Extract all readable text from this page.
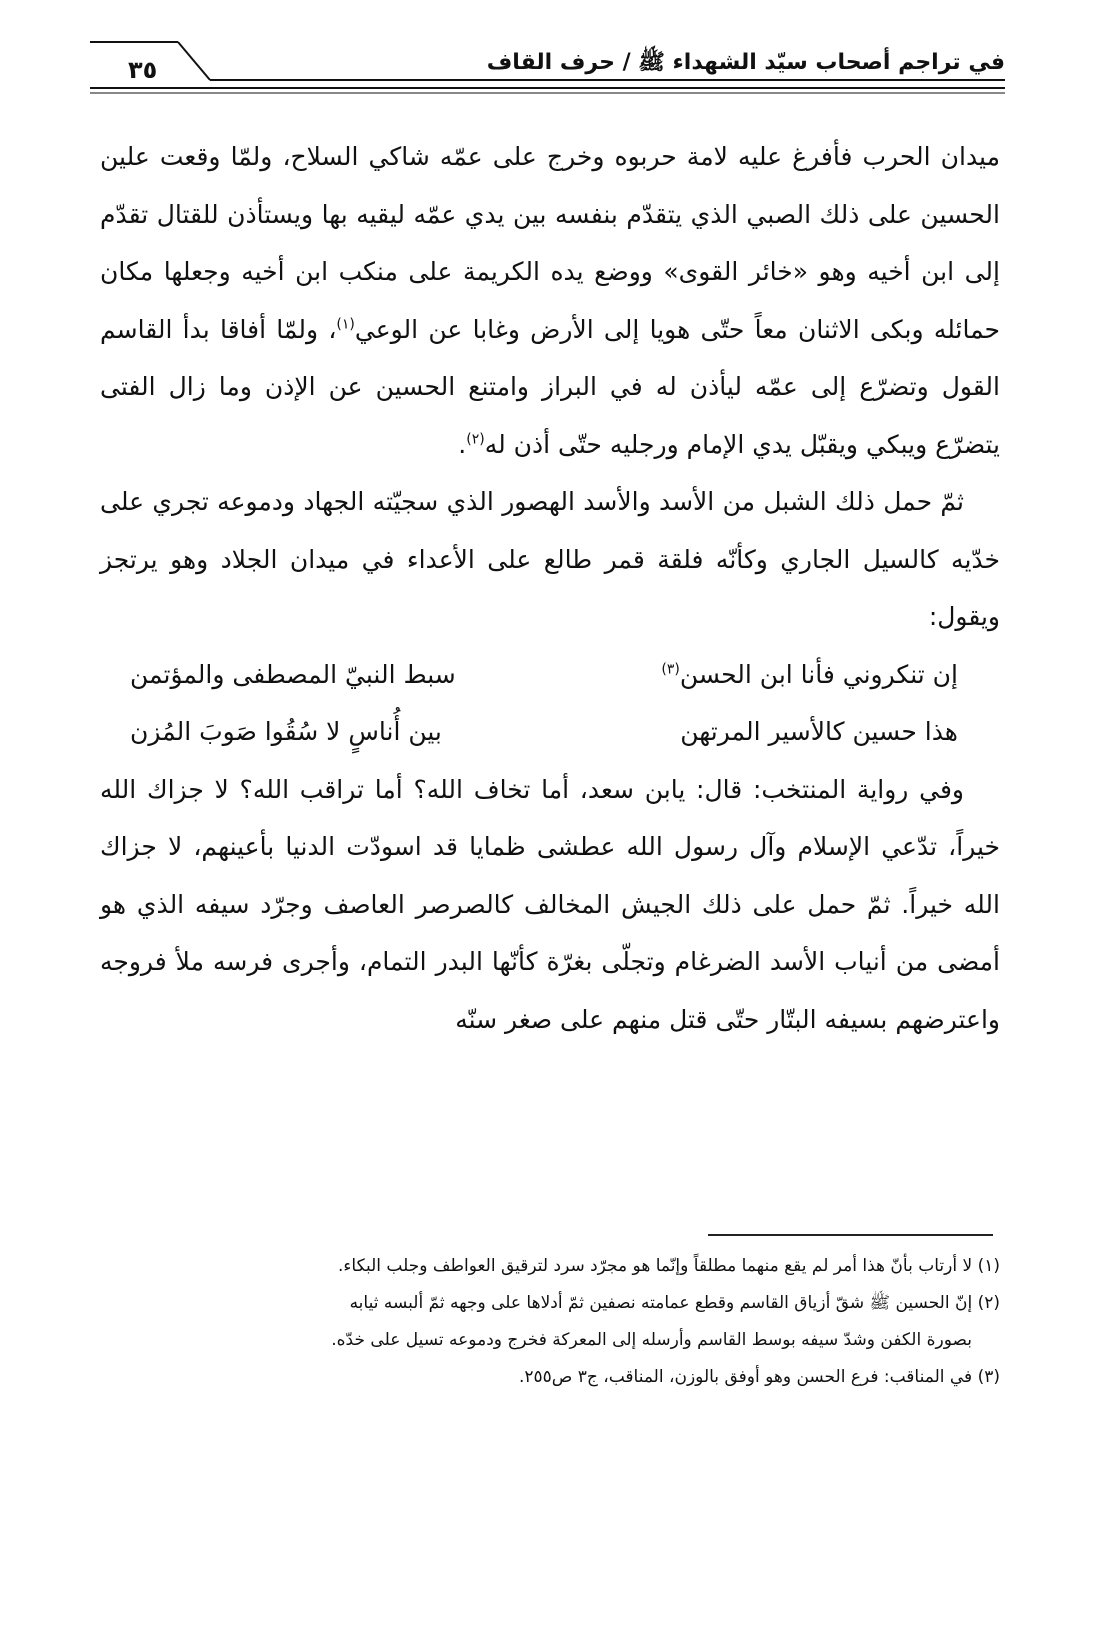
٣٥	في تراجم أصحاب سيّد الشهداء ﷺ / حرف القاف

ميدان الحرب فأفرغ عليه لامة حربوه وخرج على عمّه شاكي السلاح، ولمّا وقعت علين الحسين على ذلك الصبي الذي يتقدّم بنفسه بين يدي عمّه ليقيه بها ويستأذن للقتال تقدّم إلى ابن أخيه وهو «خائر القوى» ووضع يده الكريمة على منكب ابن أخيه وجعلها مكان حمائله وبكى الاثنان معاً حتّى هويا إلى الأرض وغابا عن الوعي$^{(١)}$، ولمّا أفاقا بدأ القاسم القول وتضرّع إلى عمّه ليأذن له في البراز وامتنع الحسين عن الإذن وما زال الفتى يتضرّع ويبكي ويقبّل يدي الإمام ورجليه حتّى أذن له$^{(٢)}$.

ثمّ حمل ذلك الشبل من الأسد والأسد الهصور الذي سجيّته الجهاد ودموعه تجري على خدّيه كالسيل الجاري وكأنّه فلقة قمر طالع على الأعداء في ميدان الجلاد وهو يرتجز ويقول:

إن تنكروني فأنا ابن الحسن$^{(٣)}$
سبط النبيّ المصطفى والمؤتمن
هذا حسين كالأسير المرتهن
بين أُناسٍ لا سُقُوا صَوبَ المُزن

وفي رواية المنتخب: قال: يابن سعد، أما تخاف الله؟ أما تراقب الله؟ لا جزاك الله خيراً، تدّعي الإسلام وآل رسول الله عطشى ظمايا قد اسودّت الدنيا بأعينهم، لا جزاك الله خيراً. ثمّ حمل على ذلك الجيش المخالف كالصرصر العاصف وجرّد سيفه الذي هو أمضى من أنياب الأسد الضرغام وتجلّى بغرّة كأنّها البدر التمام، وأجرى فرسه ملأ فروجه واعترضهم بسيفه البتّار حتّى قتل منهم على صغر سنّه

(١) لا أرتاب بأنّ هذا أمر لم يقع منهما مطلقاً وإنّما هو مجرّد سرد لترقيق العواطف وجلب البكاء.

(٢) إنّ الحسين ﷺ شقّ أزياق القاسم وقطع عمامته نصفين ثمّ أدلاها على وجهه ثمّ ألبسه ثيابه

بصورة الكفن وشدّ سيفه بوسط القاسم وأرسله إلى المعركة فخرج ودموعه تسيل على خدّه.

(٣) في المناقب: فرع الحسن وهو أوفق بالوزن، المناقب، ج٣ ص٢٥٥.
